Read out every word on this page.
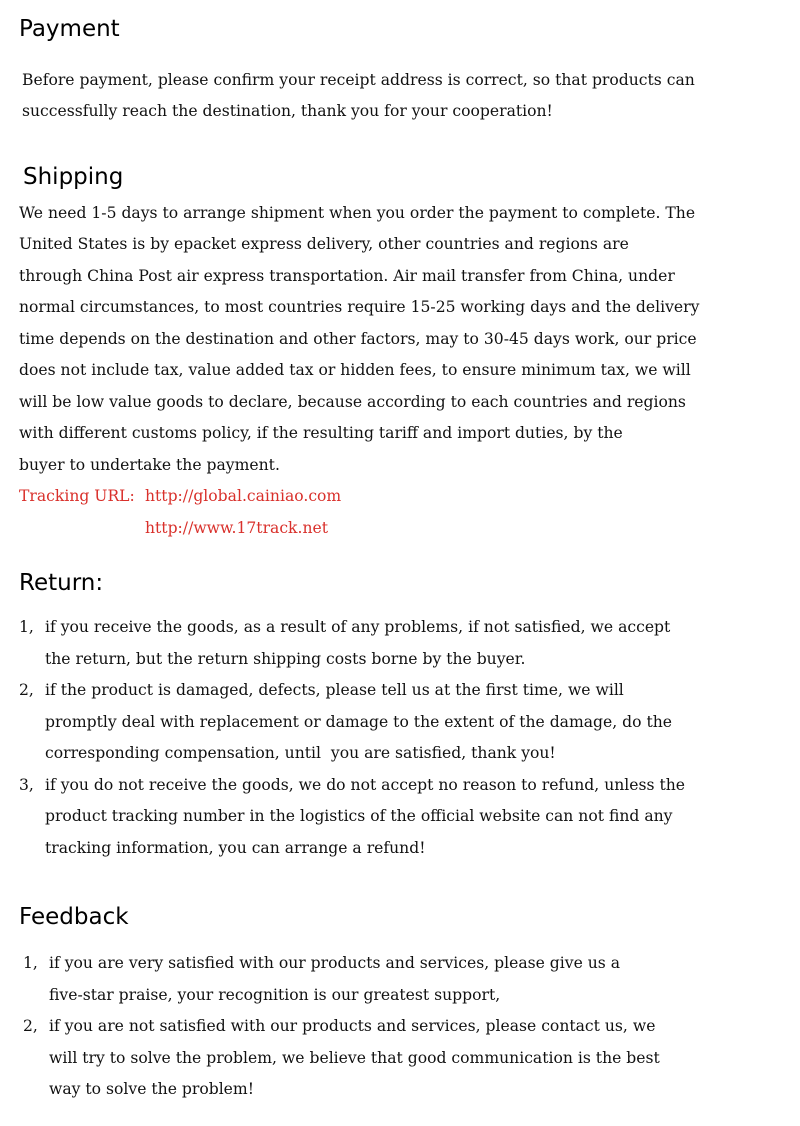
Payment
Before payment, please confirm your receipt address is correct, so that products can
successfully reach the destination, thank you for your cooperation!
Shipping
We need 1-5 days to arrange shipment when you order the payment to complete. The
United States is by epacket express delivery, other countries and regions are
through China Post air express transportation. Air mail transfer from China, under
normal circumstances, to most countries require 15-25 working days and the delivery
time depends on the destination and other factors, may to 30-45 days work, our price
does not include tax, value added tax or hidden fees, to ensure minimum tax, we will
will be low value goods to declare, because according to each countries and regions
with different customs policy, if the resulting tariff and import duties, by the
buyer to undertake the payment.
Tracking URL: http://global.cainiao.com
http://www.17track.net
Return:
1, if you receive the goods, as a result of any problems, if not satisfied, we accept
the return, but the return shipping costs borne by the buyer.
2, if the product is damaged, defects, please tell us at the first time, we will
promptly deal with replacement or damage to the extent of the damage, do the
corresponding compensation, until  you are satisfied, thank you!
3, if you do not receive the goods, we do not accept no reason to refund, unless the
product tracking number in the logistics of the official website can not find any
tracking information, you can arrange a refund!
Feedback
1, if you are very satisfied with our products and services, please give us a
five-star praise, your recognition is our greatest support,
2, if you are not satisfied with our products and services, please contact us, we
will try to solve the problem, we believe that good communication is the best
way to solve the problem!
